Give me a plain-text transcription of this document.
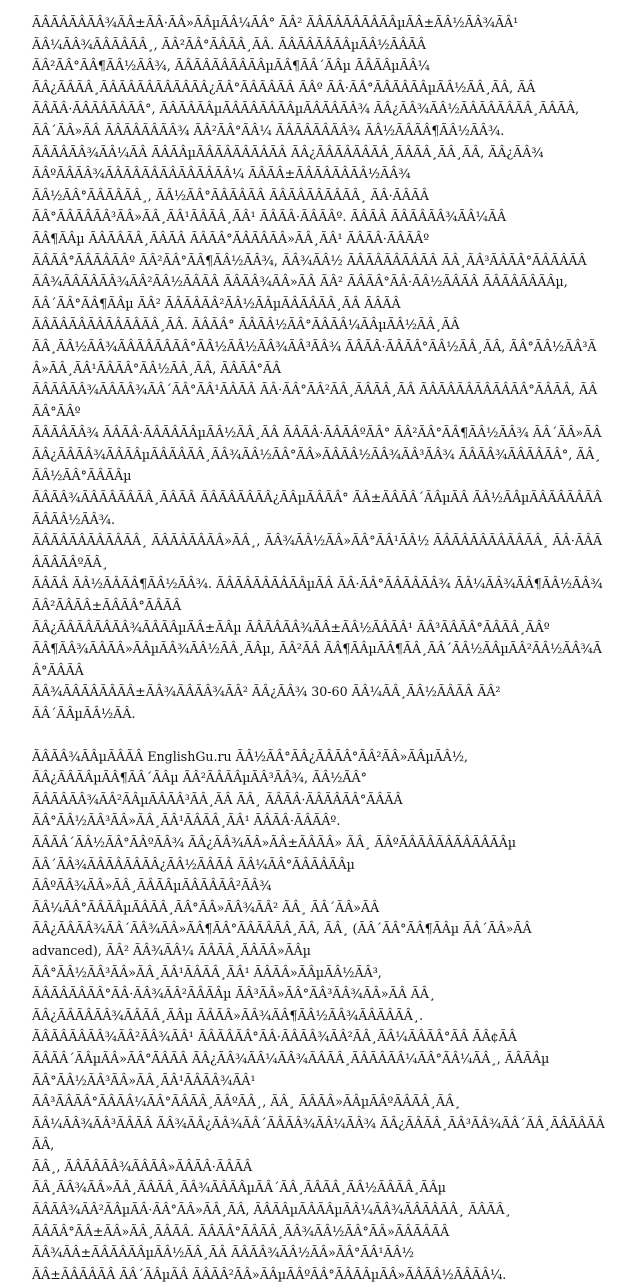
ÃÂÃÂÃÂÃÂ¾ÃÂ±ÃÂ·ÃÂ»ÃÂµÃÂ¼ÃÂ° ÃÂ² ÃÂÃÂÃÂÃÂÃÂµÃÂ±ÃÂ½ÃÂ¾ÃÂ¹
ÃÂ¼ÃÂ¾ÃÂÃÂÃÂ¸, ÃÂ²ÃÂ°ÃÂÃÂ¸ÃÂ. ÃÂÃÂÃÂÃÂµÃÂ½ÃÂÃÂ
ÃÂ²ÃÂ°ÃÂ¶ÃÂ½ÃÂ¾, ÃÂÃÂÃÂÃÂÃÂµÃÂ¶ÃÂ´ÃÂµ ÃÂÃÂµÃÂ¼
ÃÂ¿ÃÂÃÂ¸ÃÂÃÂÃÂÃÂÃÂÃÂ¿ÃÂ°ÃÂÃÂÃÂ ÃÂº ÃÂ·ÃÂ°ÃÂÃÂÃÂµÃÂ½ÃÂ¸ÃÂ, ÃÂ
ÃÂÃÂ·ÃÂÃÂÃÂÃÂ°, ÃÂÃÂÃÂµÃÂÃÂÃÂÃÂµÃÂÃÂÃÂ¾ ÃÂ¿ÃÂ¾ÃÂ½ÃÂÃÂÃÂÃÂ¸ÃÂÃÂ,
ÃÂ´ÃÂ»ÃÂ ÃÂÃÂÃÂÃÂ¾ ÃÂ²ÃÂ°ÃÂ¼ ÃÂÃÂÃÂÃÂ¾ ÃÂ½ÃÂÃÂ¶ÃÂ½ÃÂ¾.
ÃÂÃÂÃÂ¾ÃÂ¼ÃÂ ÃÂÃÂµÃÂÃÂÃÂÃÂÃÂ ÃÂ¿ÃÂÃÂÃÂÃÂ¸ÃÂÃÂ¸ÃÂ¸ÃÂ, ÃÂ¿ÃÂ¾
ÃÂºÃÂÃÂ¾ÃÂÃÂÃÂÃÂÃÂÃÂÃÂ¼ ÃÂÃÂ±ÃÂÃÂÃÂÃÂ½ÃÂ¾
ÃÂ½ÃÂ°ÃÂÃÂÃÂ¸, ÃÂ½ÃÂ°ÃÂÃÂÃÂ ÃÂÃÂÃÂÃÂÃÂ¸ ÃÂ·ÃÂÃÂ
ÃÂ°ÃÂÃÂÃÂ³ÃÂ»ÃÂ¸ÃÂ¹ÃÂÃÂ¸ÃÂ¹ ÃÂÃÂ·ÃÂÃÂº. ÃÂÃÂ ÃÂÃÂÃÂ¾ÃÂ¼ÃÂ
ÃÂ¶ÃÂµ ÃÂÃÂÃÂ¸ÃÂÃÂ ÃÂÃÂ°ÃÂÃÂÃÂ»ÃÂ¸ÃÂ¹ ÃÂÃÂ·ÃÂÃÂº
ÃÂÃÂ°ÃÂÃÂÃÂº ÃÂ²ÃÂ°ÃÂ¶ÃÂ½ÃÂ¾, ÃÂ¾ÃÂ½ ÃÂÃÂÃÂÃÂÃÂ ÃÂ¸ÃÂ³ÃÂÃÂ°ÃÂÃÂÃÂ
ÃÂ¾ÃÂÃÂÃÂ¾ÃÂ²ÃÂ½ÃÂÃÂ ÃÂÃÂ¾ÃÂ»ÃÂ ÃÂ² ÃÂÃÂ°ÃÂ·ÃÂ½ÃÂÃÂ ÃÂÃÂÃÂÃÂµ,
ÃÂ´ÃÂ°ÃÂ¶ÃÂµ ÃÂ² ÃÂÃÂÃÂ²ÃÂ½ÃÂµÃÂÃÂÃÂ¸ÃÂ ÃÂÃÂ
ÃÂÃÂÃÂÃÂÃÂÃÂÃÂ¸ÃÂ. ÃÂÃÂ° ÃÂÃÂ½ÃÂ°ÃÂÃÂ¼ÃÂµÃÂ½ÃÂ¸ÃÂ
ÃÂ¸ÃÂ½ÃÂ¾ÃÂÃÂÃÂÃÂ°ÃÂ½ÃÂ½ÃÂ¾ÃÂ³ÃÂ¾ ÃÂÃÂ·ÃÂÃÂ°ÃÂ½ÃÂ¸ÃÂ, ÃÂ°ÃÂ½ÃÂ³ÃÂ»ÃÂ¸ÃÂ¹ÃÂÃÂ°ÃÂ½ÃÂ¸ÃÂ, ÃÂÃÂ°ÃÂ
ÃÂÃÂÃÂ¾ÃÂÃÂ¾ÃÂ´ÃÂ°ÃÂ¹ÃÂÃÂ ÃÂ·ÃÂ°ÃÂ²ÃÂ¸ÃÂÃÂ¸ÃÂ ÃÂÃÂÃÂÃÂÃÂÃÂ°ÃÂÃÂ, ÃÂÃÂ°ÃÂº
ÃÂÃÂÃÂ¾ ÃÂÃÂ·ÃÂÃÂÃÂµÃÂ½ÃÂ¸ÃÂ ÃÂÃÂ·ÃÂÃÂºÃÂ° ÃÂ²ÃÂ°ÃÂ¶ÃÂ½ÃÂ¾ ÃÂ´ÃÂ»ÃÂ
ÃÂ¿ÃÂÃÂ¾ÃÂÃÂµÃÂÃÂÃÂ¸ÃÂ¾ÃÂ½ÃÂ°ÃÂ»ÃÂÃÂ½ÃÂ¾ÃÂ³ÃÂ¾ ÃÂÃÂ¾ÃÂÃÂÃÂ°, ÃÂ¸ÃÂ½ÃÂ°ÃÂÃÂµ
ÃÂÃÂ¾ÃÂÃÂÃÂÃÂ¸ÃÂÃÂ ÃÂÃÂÃÂÃÂ¿ÃÂµÃÂÃÂ° ÃÂ±ÃÂÃÂ´ÃÂµÃÂ ÃÂ½ÃÂµÃÂÃÂÃÂÃÂÃÂÃÂ½ÃÂ¾.
ÃÂÃÂÃÂÃÂÃÂÃÂ¸ ÃÂÃÂÃÂÃÂ»ÃÂ¸, ÃÂ¾ÃÂ½ÃÂ»ÃÂ°ÃÂ¹ÃÂ½ ÃÂÃÂÃÂÃÂÃÂÃÂ¸ ÃÂ·ÃÂÃÂÃÂÃÂºÃÂ¸
ÃÂÃÂ ÃÂ½ÃÂÃÂ¶ÃÂ½ÃÂ¾. ÃÂÃÂÃÂÃÂÃÂµÃÂ ÃÂ·ÃÂ°ÃÂÃÂÃÂ¾ ÃÂ¼ÃÂ¾ÃÂ¶ÃÂ½ÃÂ¾ ÃÂ²ÃÂÃÂ±ÃÂÃÂ°ÃÂÃÂ
ÃÂ¿ÃÂÃÂÃÂÃÂ¾ÃÂÃÂµÃÂ±ÃÂµ ÃÂÃÂÃÂ¾ÃÂ±ÃÂ½ÃÂÃÂ¹ ÃÂ³ÃÂÃÂ°ÃÂÃÂ¸ÃÂº
ÃÂ¶ÃÂ¾ÃÂÃÂ»ÃÂµÃÂ¾ÃÂ½ÃÂ¸ÃÂµ, ÃÂ²ÃÂ ÃÂ¶ÃÂµÃÂ¶ÃÂ¸ÃÂ´ÃÂ½ÃÂµÃÂ²ÃÂ½ÃÂ¾ÃÂ°ÃÂÃÂ
ÃÂ¾ÃÂÃÂÃÂÃÂ±ÃÂ¾ÃÂÃÂ¾ÃÂ² ÃÂ¿ÃÂ¾ 30-60 ÃÂ¼ÃÂ¸ÃÂ½ÃÂÃÂ ÃÂ²
ÃÂ´ÃÂµÃÂ½ÃÂ.

ÃÂÃÂ¾ÃÂµÃÂÃÂ EnglishGu.ru ÃÂ½ÃÂ°ÃÂ¿ÃÂÃÂ°ÃÂ²ÃÂ»ÃÂµÃÂ½,
ÃÂ¿ÃÂÃÂµÃÂ¶ÃÂ´ÃÂµ ÃÂ²ÃÂÃÂµÃÂ³ÃÂ¾, ÃÂ½ÃÂ°
ÃÂÃÂÃÂ¾ÃÂ²ÃÂµÃÂÃÂ³ÃÂ¸ÃÂ ÃÂ¸ ÃÂÃÂ·ÃÂÃÂÃÂ°ÃÂÃÂ
ÃÂ°ÃÂ½ÃÂ³ÃÂ»ÃÂ¸ÃÂ¹ÃÂÃÂ¸ÃÂ¹ ÃÂÃÂ·ÃÂÃÂº.
ÃÂÃÂ´ÃÂ½ÃÂ°ÃÂºÃÂ¾ ÃÂ¿ÃÂ¾ÃÂ»ÃÂ±ÃÂÃÂ» ÃÂ¸ ÃÂºÃÂÃÂÃÂÃÂÃÂÃÂµ
ÃÂ´ÃÂ¾ÃÂÃÂÃÂÃÂ¿ÃÂ½ÃÂÃÂ ÃÂ¼ÃÂ°ÃÂÃÂÃÂµ
ÃÂºÃÂ¾ÃÂ»ÃÂ¸ÃÂÃÂµÃÂÃÂÃÂ²ÃÂ¾
ÃÂ¼ÃÂ°ÃÂÃÂµÃÂÃÂ¸ÃÂ°ÃÂ»ÃÂ¾ÃÂ² ÃÂ¸ ÃÂ´ÃÂ»ÃÂ
ÃÂ¿ÃÂÃÂ¾ÃÂ´ÃÂ¾ÃÂ»ÃÂ¶ÃÂ°ÃÂÃÂÃÂ¸ÃÂ, ÃÂ¸ (ÃÂ´ÃÂ°ÃÂ¶ÃÂµ ÃÂ´ÃÂ»ÃÂ
advanced), ÃÂ² ÃÂ¾ÃÂ¼ ÃÂÃÂ¸ÃÂÃÂ»ÃÂµ
ÃÂ°ÃÂ½ÃÂ³ÃÂ»ÃÂ¸ÃÂ¹ÃÂÃÂ¸ÃÂ¹ ÃÂÃÂ»ÃÂµÃÂ½ÃÂ³,
ÃÂÃÂÃÂÃÂ°ÃÂ·ÃÂ¾ÃÂ²ÃÂÃÂµ ÃÂ³ÃÂ»ÃÂ°ÃÂ³ÃÂ¾ÃÂ»ÃÂ ÃÂ¸
ÃÂ¿ÃÂÃÂÃÂ¾ÃÂÃÂ¸ÃÂµ ÃÂÃÂ»ÃÂ¾ÃÂ¶ÃÂ½ÃÂ¾ÃÂÃÂÃÂ¸.
ÃÂÃÂÃÂÃÂ¾ÃÂ²ÃÂ¾ÃÂ¹ ÃÂÃÂÃÂ°ÃÂ·ÃÂÃÂ¾ÃÂ²ÃÂ¸ÃÂ¼ÃÂÃÂ°ÃÂ ÃÂ¢ÃÂ
ÃÂÃÂ´ÃÂµÃÂ»ÃÂ°ÃÂÃÂ ÃÂ¿ÃÂ¾ÃÂ¼ÃÂ¾ÃÂÃÂ¸ÃÂÃÂÃÂ¼ÃÂ°ÃÂ¼ÃÂ¸, ÃÂÃÂµ
ÃÂ°ÃÂ½ÃÂ³ÃÂ»ÃÂ¸ÃÂ¹ÃÂÃÂ¾ÃÂ¹
ÃÂ³ÃÂÃÂ°ÃÂÃÂ¼ÃÂ°ÃÂÃÂ¸ÃÂºÃÂ¸, ÃÂ¸ ÃÂÃÂ»ÃÂµÃÂºÃÂÃÂ¸ÃÂ¸
ÃÂ¼ÃÂ¾ÃÂ³ÃÂÃÂ ÃÂ¾ÃÂ¿ÃÂ¾ÃÂ´ÃÂÃÂ¾ÃÂ¼ÃÂ¾ ÃÂ¿ÃÂÃÂ¸ÃÂ³ÃÂ¾ÃÂ´ÃÂ¸ÃÂÃÂÃÂÃÂ,
ÃÂ¸, ÃÂÃÂÃÂ¾ÃÂÃÂ»ÃÂÃÂ·ÃÂÃÂ
ÃÂ¸ÃÂ¾ÃÂ»ÃÂ¸ÃÂÃÂ¸ÃÂ¾ÃÂÃÂµÃÂ´ÃÂ¸ÃÂÃÂ¸ÃÂ½ÃÂÃÂ¸ÃÂµ
ÃÂÃÂ¾ÃÂ²ÃÂµÃÂ·ÃÂ°ÃÂ»ÃÂ¸ÃÂ, ÃÂÃÂµÃÂÃÂµÃÂ¼ÃÂ¾ÃÂÃÂÃÂ¸ ÃÂÃÂ¸
ÃÂÃÂ°ÃÂ±ÃÂ»ÃÂ¸ÃÂÃÂ. ÃÂÃÂ°ÃÂÃÂ¸ÃÂ¾ÃÂ½ÃÂ°ÃÂ»ÃÂÃÂÃÂ
ÃÂ¾ÃÂ±ÃÂÃÂÃÂµÃÂ½ÃÂ¸ÃÂ ÃÂÃÂ¾ÃÂ½ÃÂ»ÃÂ°ÃÂ¹ÃÂ½
ÃÂ±ÃÂÃÂÃÂ ÃÂ´ÃÂµÃÂ ÃÂÃÂ²ÃÂ»ÃÂµÃÂºÃÂ°ÃÂÃÂµÃÂ»ÃÂÃÂ½ÃÂÃÂ¼.
